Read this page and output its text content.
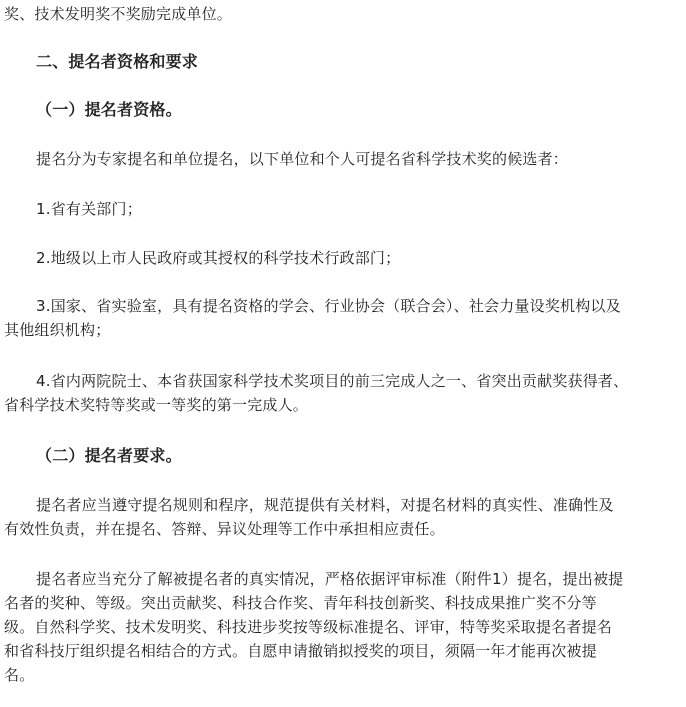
奖、技术发明奖不奖励完成单位。

二、提名者资格和要求

（一）提名者资格。

提名分为专家提名和单位提名，以下单位和个人可提名省科学技术奖的候选者：

1.省有关部门；

2.地级以上市人民政府或其授权的科学技术行政部门；

3.国家、省实验室，具有提名资格的学会、行业协会（联合会）、社会力量设奖机构以及
其他组织机构；

4.省内两院院士、本省获国家科学技术奖项目的前三完成人之一、省突出贡献奖获得者、
省科学技术奖特等奖或一等奖的第一完成人。

（二）提名者要求。

提名者应当遵守提名规则和程序，规范提供有关材料，对提名材料的真实性、准确性及
有效性负责，并在提名、答辩、异议处理等工作中承担相应责任。

提名者应当充分了解被提名者的真实情况，严格依据评审标准（附件1）提名，提出被提
名者的奖种、等级。突出贡献奖、科技合作奖、青年科技创新奖、科技成果推广奖不分等
级。自然科学奖、技术发明奖、科技进步奖按等级标准提名、评审，特等奖采取提名者提名
和省科技厅组织提名相结合的方式。自愿申请撤销拟授奖的项目，须隔一年才能再次被提
名。
